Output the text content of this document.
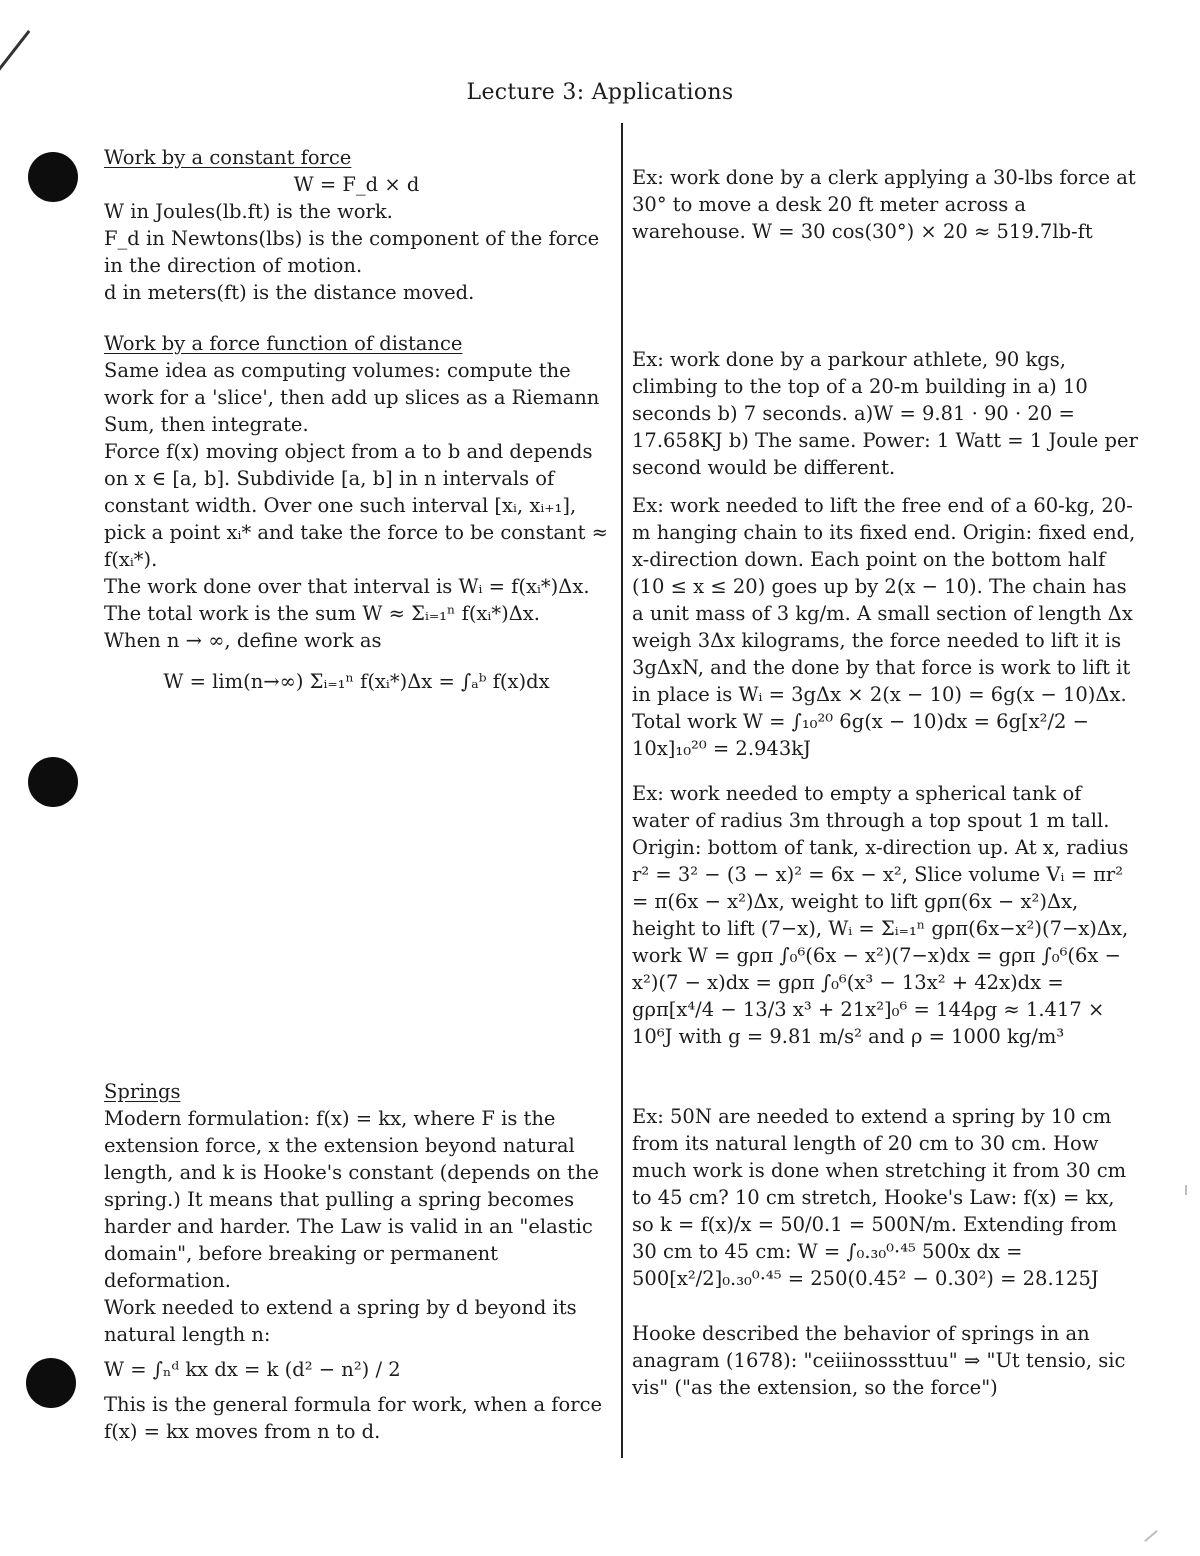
Lecture 3: Applications

Work by a constant force

W = F_d × d

W in Joules(lb.ft) is the work.

F_d in Newtons(lbs) is the component of the force in the direction of motion.

d in meters(ft) is the distance moved.

Work by a force function of distance

Same idea as computing volumes: compute the work for a 'slice', then add up slices as a Riemann Sum, then integrate.

Force f(x) moving object from a to b and depends on x ∈ [a, b]. Subdivide [a, b] in n intervals of constant width. Over one such interval [xᵢ, xᵢ₊₁], pick a point xᵢ* and take the force to be constant ≈ f(xᵢ*).

The work done over that interval is Wᵢ = f(xᵢ*)Δx.

The total work is the sum W ≈ Σᵢ₌₁ⁿ f(xᵢ*)Δx.

When n → ∞, define work as

W = lim(n→∞) Σᵢ₌₁ⁿ f(xᵢ*)Δx = ∫ₐᵇ f(x)dx

Springs

Modern formulation: f(x) = kx, where F is the extension force, x the extension beyond natural length, and k is Hooke's constant (depends on the spring.) It means that pulling a spring becomes harder and harder. The Law is valid in an "elastic domain", before breaking or permanent deformation.

Work needed to extend a spring by d beyond its natural length n:

W = ∫ₙᵈ kx dx = k (d² − n²) / 2

This is the general formula for work, when a force f(x) = kx moves from n to d.

Ex: work done by a clerk applying a 30-lbs force at 30° to move a desk 20 ft meter across a warehouse. W = 30 cos(30°) × 20 ≈ 519.7lb-ft
Ex: work done by a parkour athlete, 90 kgs, climbing to the top of a 20-m building in a) 10 seconds b) 7 seconds. a)W = 9.81 · 90 · 20 = 17.658KJ b) The same. Power: 1 Watt = 1 Joule per second would be different.
Ex: work needed to lift the free end of a 60-kg, 20-m hanging chain to its fixed end. Origin: fixed end, x-direction down. Each point on the bottom half (10 ≤ x ≤ 20) goes up by 2(x − 10). The chain has a unit mass of 3 kg/m. A small section of length Δx weigh 3Δx kilograms, the force needed to lift it is 3gΔxN, and the done by that force is work to lift it in place is Wᵢ = 3gΔx × 2(x − 10) = 6g(x − 10)Δx. Total work W = ∫₁₀²⁰ 6g(x − 10)dx = 6g[x²/2 − 10x]₁₀²⁰ = 2.943kJ
Ex: work needed to empty a spherical tank of water of radius 3m through a top spout 1 m tall. Origin: bottom of tank, x-direction up. At x, radius r² = 3² − (3 − x)² = 6x − x², Slice volume Vᵢ = πr² = π(6x − x²)Δx, weight to lift gρπ(6x − x²)Δx, height to lift (7−x), Wᵢ = Σᵢ₌₁ⁿ gρπ(6x−x²)(7−x)Δx, work W = gρπ ∫₀⁶(6x − x²)(7−x)dx = gρπ ∫₀⁶(6x − x²)(7 − x)dx = gρπ ∫₀⁶(x³ − 13x² + 42x)dx = gρπ[x⁴/4 − 13/3 x³ + 21x²]₀⁶ = 144ρg ≈ 1.417 × 10⁶J with g = 9.81 m/s² and ρ = 1000 kg/m³
Ex: 50N are needed to extend a spring by 10 cm from its natural length of 20 cm to 30 cm. How much work is done when stretching it from 30 cm to 45 cm? 10 cm stretch, Hooke's Law: f(x) = kx, so k = f(x)/x = 50/0.1 = 500N/m. Extending from 30 cm to 45 cm: W = ∫₀.₃₀⁰·⁴⁵ 500x dx = 500[x²/2]₀.₃₀⁰·⁴⁵ = 250(0.45² − 0.30²) = 28.125J
Hooke described the behavior of springs in an anagram (1678): "ceiiinosssttuu" ⇒ "Ut tensio, sic vis" ("as the extension, so the force")
